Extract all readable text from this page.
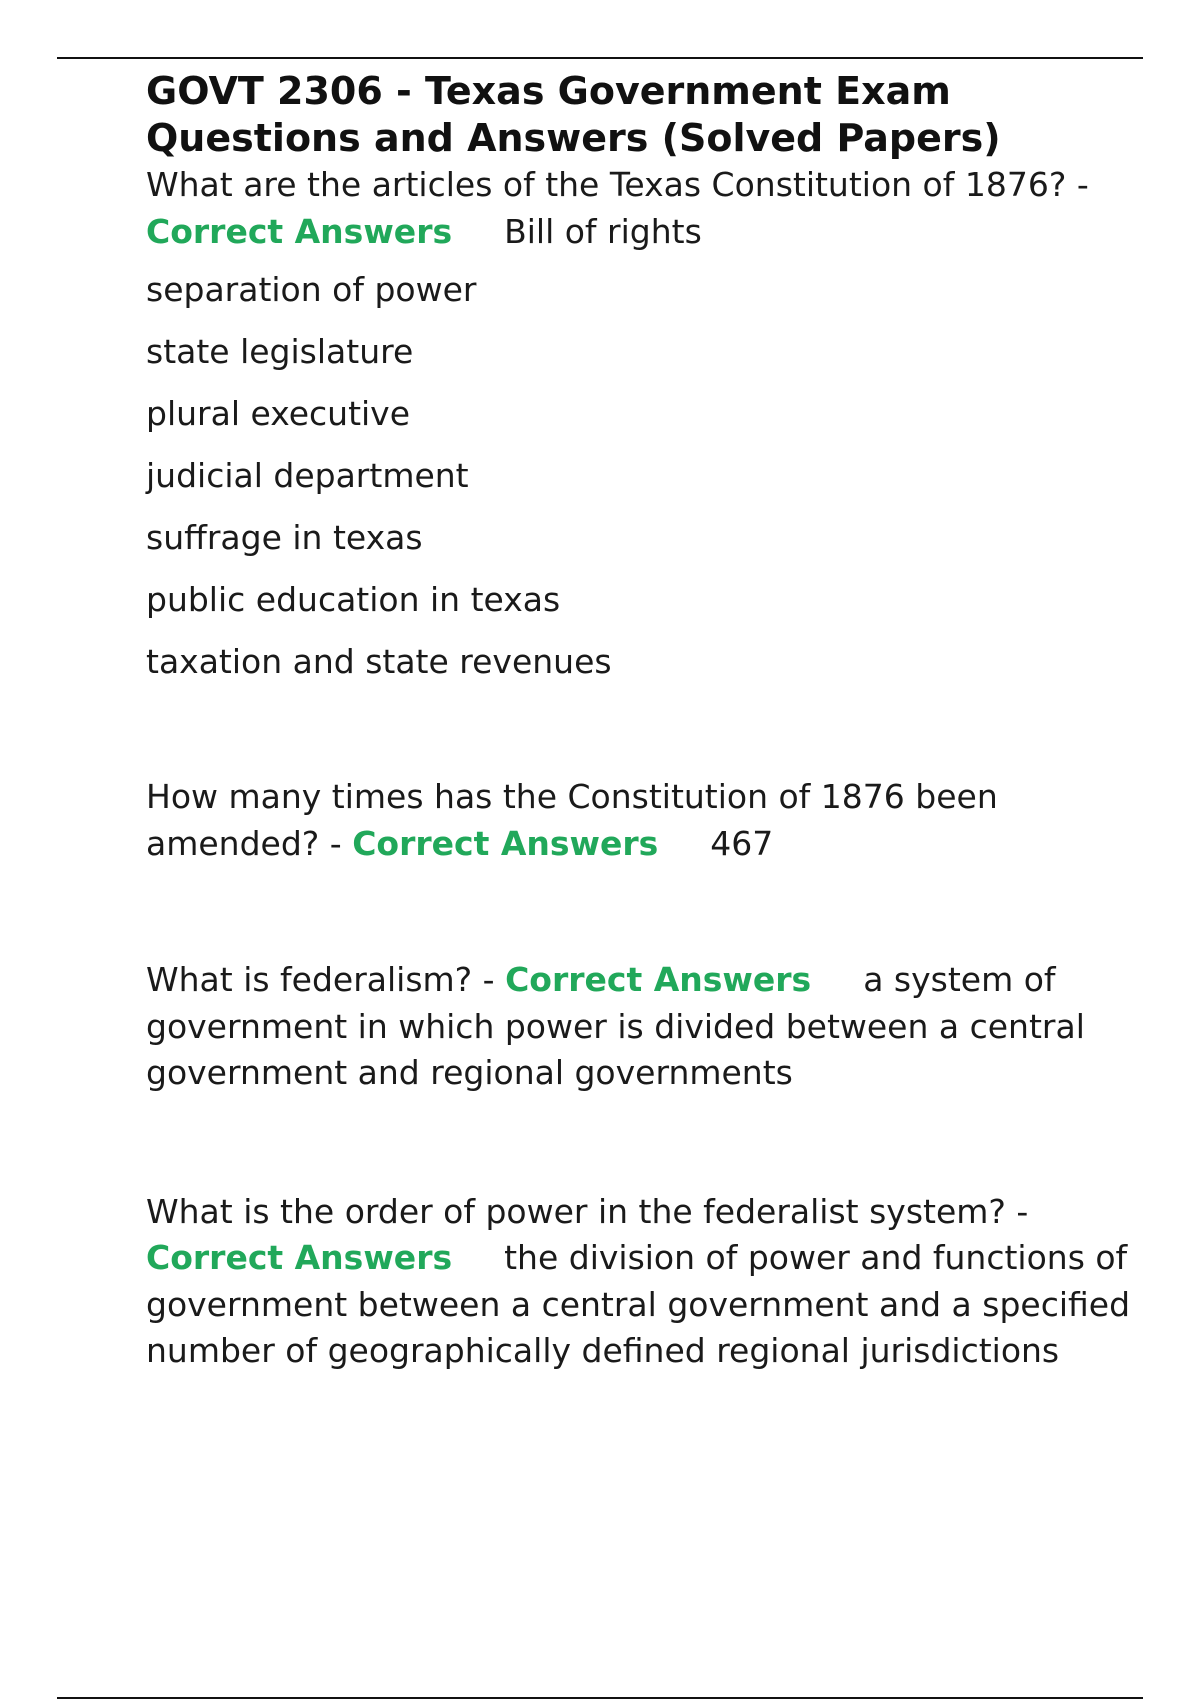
GOVT 2306 - Texas Government Exam Questions and Answers (Solved Papers)

What are the articles of the Texas Constitution of 1876? - Correct Answers Bill of rights

separation of power

state legislature

plural executive

judicial department

suffrage in texas

public education in texas

taxation and state revenues

How many times has the Constitution of 1876 been amended? - Correct Answers 467

What is federalism? - Correct Answers a system of government in which power is divided between a central government and regional governments

What is the order of power in the federalist system? - Correct Answers the division of power and functions of government between a central government and a specified number of geographically defined regional jurisdictions
